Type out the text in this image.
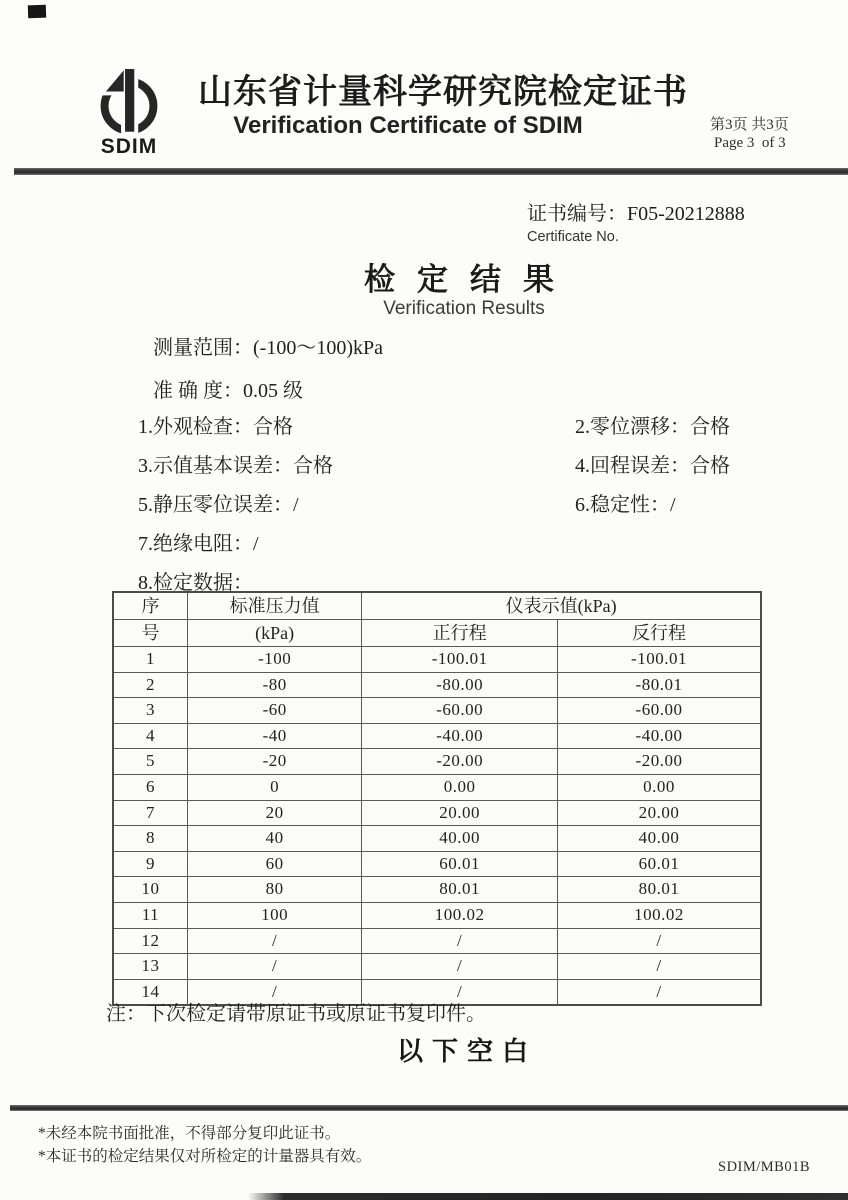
SDIM
山东省计量科学研究院检定证书
Verification Certificate of SDIM	第3页 共3页
Page 3  of 3
证书编号：F05-20212888
Certificate No.
检定结果
Verification Results
测量范围：(-100～100)kPa
准 确 度：0.05 级
1.外观检查：合格	2.零位漂移：合格
3.示值基本误差：合格	4.回程误差：合格
5.静压零位误差：/	6.稳定性：/
7.绝缘电阻：/
8.检定数据：
序	标准压力值	仪表示值(kPa)	
号	(kPa)	正行程	反行程
1	-100	-100.01	-100.01
2	-80	-80.00	-80.01
3	-60	-60.00	-60.00
4	-40	-40.00	-40.00
5	-20	-20.00	-20.00
6	0	0.00	0.00
7	20	20.00	20.00
8	40	40.00	40.00
9	60	60.01	60.01
10	80	80.01	80.01
11	100	100.02	100.02
12	/	/	/
13	/	/	/
14	/	/	/
注：下次检定请带原证书或原证书复印件。
以下空白
*未经本院书面批准，不得部分复印此证书。
*本证书的检定结果仅对所检定的计量器具有效。
SDIM/MB01B
